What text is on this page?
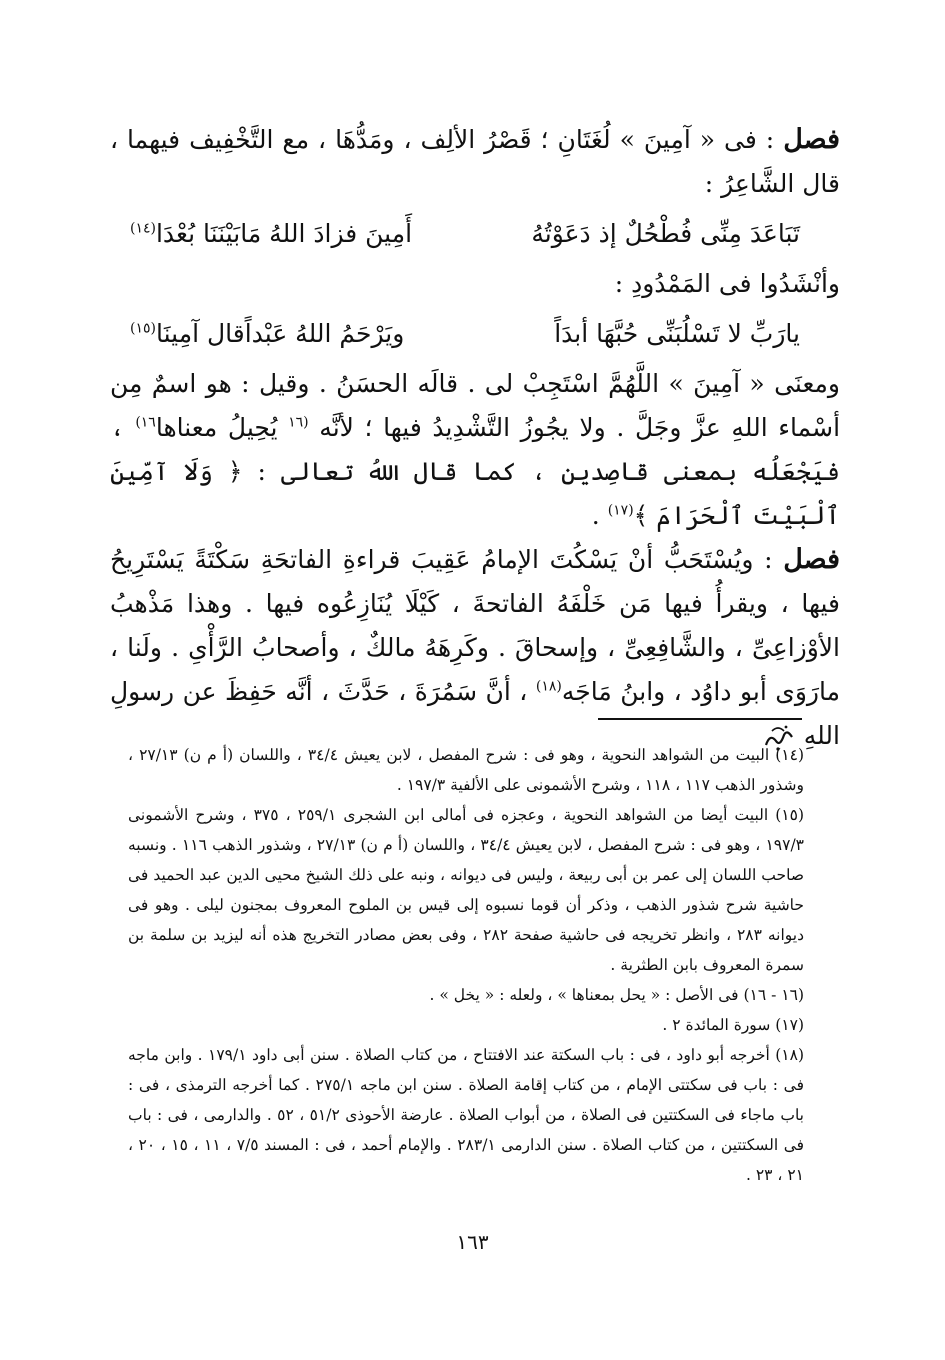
فصل : فى « آمِينَ » لُغَتَانِ ؛ قَصْرُ الألِف ، ومَدُّهَا ، مع التَّخْفِيف فيهما ، قال الشَّاعِرُ :

تَبَاعَدَ مِنِّى فُطْحُلٌ إذ دَعَوْتُهُ
أَمِينَ فزادَ اللهُ مَابَيْنَنَا بُعْدَا$^{(١٤)}$

وأنْشَدُوا فى المَمْدُودِ :

يارَبِّ لا تَسْلُبَنِّى حُبَّهَا أبدَاً
ويَرْحَمُ اللهُ عَبْداًقال آمِينَا$^{(١٥)}$

ومعنَى « آمِينَ » اللَّهُمَّ اسْتَجِبْ لى . قالَه الحسَنُ . وقيل : هو اسمٌ مِن أسْماء اللهِ عزَّ وجَلَّ . ولا يجُوزُ التَّشْدِيدُ فيها ؛ لأنَّه $^{(١٦}$ يُحِيلُ معناها$^{١٦)}$ ، فيَجْعَلُه بمعنى قاصِدين ، كما قال اللهُ تعالى : ﴿ وَلَا آمِّينَ ٱلْبَيْتَ ٱلْحَرَامَ ﴾$^{(١٧)}$ .

فصل : ويُسْتَحَبُّ أنْ يَسْكُتَ الإمامُ عَقِيبَ قراءةِ الفاتحَةِ سَكْتَةً يَسْتَرِيحُ فيها ، ويقرأُ فيها مَن خَلْفَهُ الفاتحةَ ، كَيْلَا يُنَازِعُوه فيها . وهذا مَذْهبُ الأوْزاعِىِّ ، والشَّافِعِىِّ ، وإسحاقَ . وكَرِهَهُ مالكٌ ، وأصحابُ الرَّأْىِ . ولَنا ، مارَوَى أبو داوُد ، وابنُ مَاجَه$^{(١٨)}$ ، أنَّ سَمُرَةَ ، حَدَّثَ ، أنَّه حَفِظَ عن رسولِ اللهِ

(١٤) البيت من الشواهد النحوية ، وهو فى : شرح المفصل ، لابن يعيش ٣٤/٤ ، واللسان (أ م ن) ٢٧/١٣ ، وشذور الذهب ١١٧ ، ١١٨ ، وشرح الأشمونى على الألفية ١٩٧/٣ .

(١٥) البيت أيضا من الشواهد النحوية ، وعجزه فى أمالى ابن الشجرى ٢٥٩/١ ، ٣٧٥ ، وشرح الأشمونى ١٩٧/٣ ، وهو فى : شرح المفصل ، لابن يعيش ٣٤/٤ ، واللسان (أ م ن) ٢٧/١٣ ، وشذور الذهب ١١٦ . ونسبه صاحب اللسان إلى عمر بن أبى ربيعة ، وليس فى ديوانه ، ونبه على ذلك الشيخ محيى الدين عبد الحميد فى حاشية شرح شذور الذهب ، وذكر أن قوما نسبوه إلى قيس بن الملوح المعروف بمجنون ليلى . وهو فى ديوانه ٢٨٣ ، وانظر تخريجه فى حاشية صفحة ٢٨٢ ، وفى بعض مصادر التخريج هذه أنه ليزيد بن سلمة بن سمرة المعروف بابن الطثرية .

(١٦ - ١٦) فى الأصل : « يحل بمعناها » ، ولعله : « يخل » .

(١٧) سورة المائدة ٢ .

(١٨) أخرجه أبو داود ، فى : باب السكتة عند الافتتاح ، من كتاب الصلاة . سنن أبى داود ١٧٩/١ . وابن ماجه فى : باب فى سكتتى الإمام ، من كتاب إقامة الصلاة . سنن ابن ماجه ٢٧٥/١ . كما أخرجه الترمذى ، فى : باب ماجاء فى السكتتين فى الصلاة ، من أبواب الصلاة . عارضة الأحوذى ٥١/٢ ، ٥٢ . والدارمى ، فى : باب فى السكتتين ، من كتاب الصلاة . سنن الدارمى ٢٨٣/١ . والإمام أحمد ، فى : المسند ٧/٥ ، ١١ ، ١٥ ، ٢٠ ، ٢١ ، ٢٣ .

١٦٣
